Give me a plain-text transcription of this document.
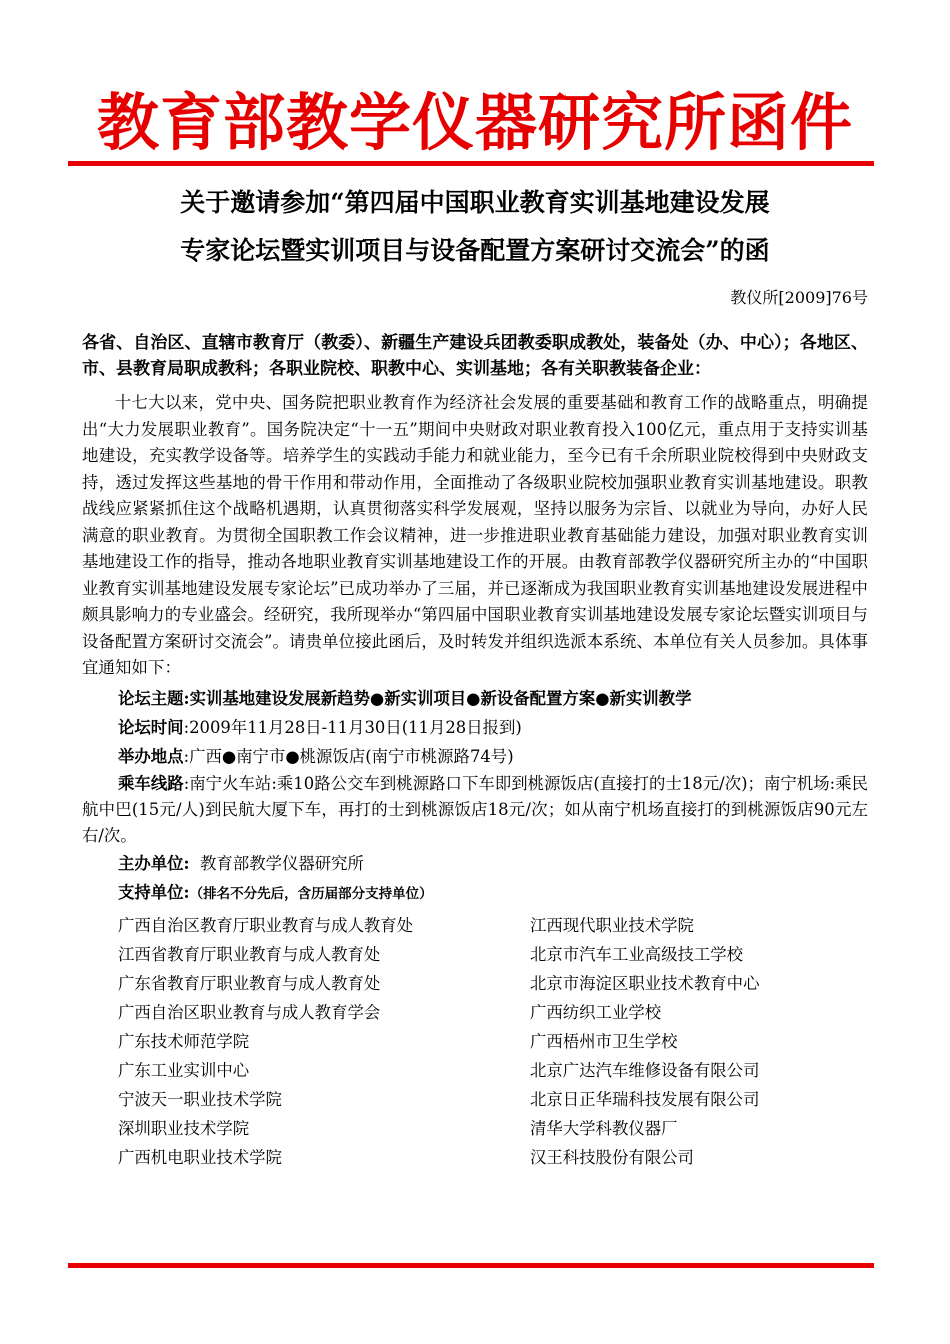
教育部教学仪器研究所函件

关于邀请参加“第四届中国职业教育实训基地建设发展

专家论坛暨实训项目与设备配置方案研讨交流会”的函

教仪所[2009]76号

各省、自治区、直辖市教育厅（教委）、新疆生产建设兵团教委职成教处，装备处（办、中心）；各地区、市、县教育局职成教科；各职业院校、职教中心、实训基地；各有关职教装备企业：

十七大以来，党中央、国务院把职业教育作为经济社会发展的重要基础和教育工作的战略重点，明确提出“大力发展职业教育”。国务院决定“十一五”期间中央财政对职业教育投入100亿元，重点用于支持实训基地建设，充实教学设备等。培养学生的实践动手能力和就业能力，至今已有千余所职业院校得到中央财政支持，透过发挥这些基地的骨干作用和带动作用，全面推动了各级职业院校加强职业教育实训基地建设。职教战线应紧紧抓住这个战略机遇期，认真贯彻落实科学发展观，坚持以服务为宗旨、以就业为导向，办好人民满意的职业教育。为贯彻全国职教工作会议精神，进一步推进职业教育基础能力建设，加强对职业教育实训基地建设工作的指导，推动各地职业教育实训基地建设工作的开展。由教育部教学仪器研究所主办的“中国职业教育实训基地建设发展专家论坛”已成功举办了三届，并已逐渐成为我国职业教育实训基地建设发展进程中颇具影响力的专业盛会。经研究，我所现举办“第四届中国职业教育实训基地建设发展专家论坛暨实训项目与设备配置方案研讨交流会”。请贵单位接此函后，及时转发并组织选派本系统、本单位有关人员参加。具体事宜通知如下：

论坛主题:实训基地建设发展新趋势●新实训项目●新设备配置方案●新实训教学

论坛时间:2009年11月28日-11月30日(11月28日报到)

举办地点:广西●南宁市●桃源饭店(南宁市桃源路74号)

乘车线路:南宁火车站:乘10路公交车到桃源路口下车即到桃源饭店(直接打的士18元/次)；南宁机场:乘民航中巴(15元/人)到民航大厦下车，再打的士到桃源饭店18元/次；如从南宁机场直接打的到桃源饭店90元左右/次。

主办单位: 教育部教学仪器研究所

支持单位:（排名不分先后，含历届部分支持单位）

广西自治区教育厅职业教育与成人教育处	江西现代职业技术学院
江西省教育厅职业教育与成人教育处	北京市汽车工业高级技工学校
广东省教育厅职业教育与成人教育处	北京市海淀区职业技术教育中心
广西自治区职业教育与成人教育学会	广西纺织工业学校
广东技术师范学院	广西梧州市卫生学校
广东工业实训中心	北京广达汽车维修设备有限公司
宁波天一职业技术学院	北京日正华瑞科技发展有限公司
深圳职业技术学院	清华大学科教仪器厂
广西机电职业技术学院	汉王科技股份有限公司
